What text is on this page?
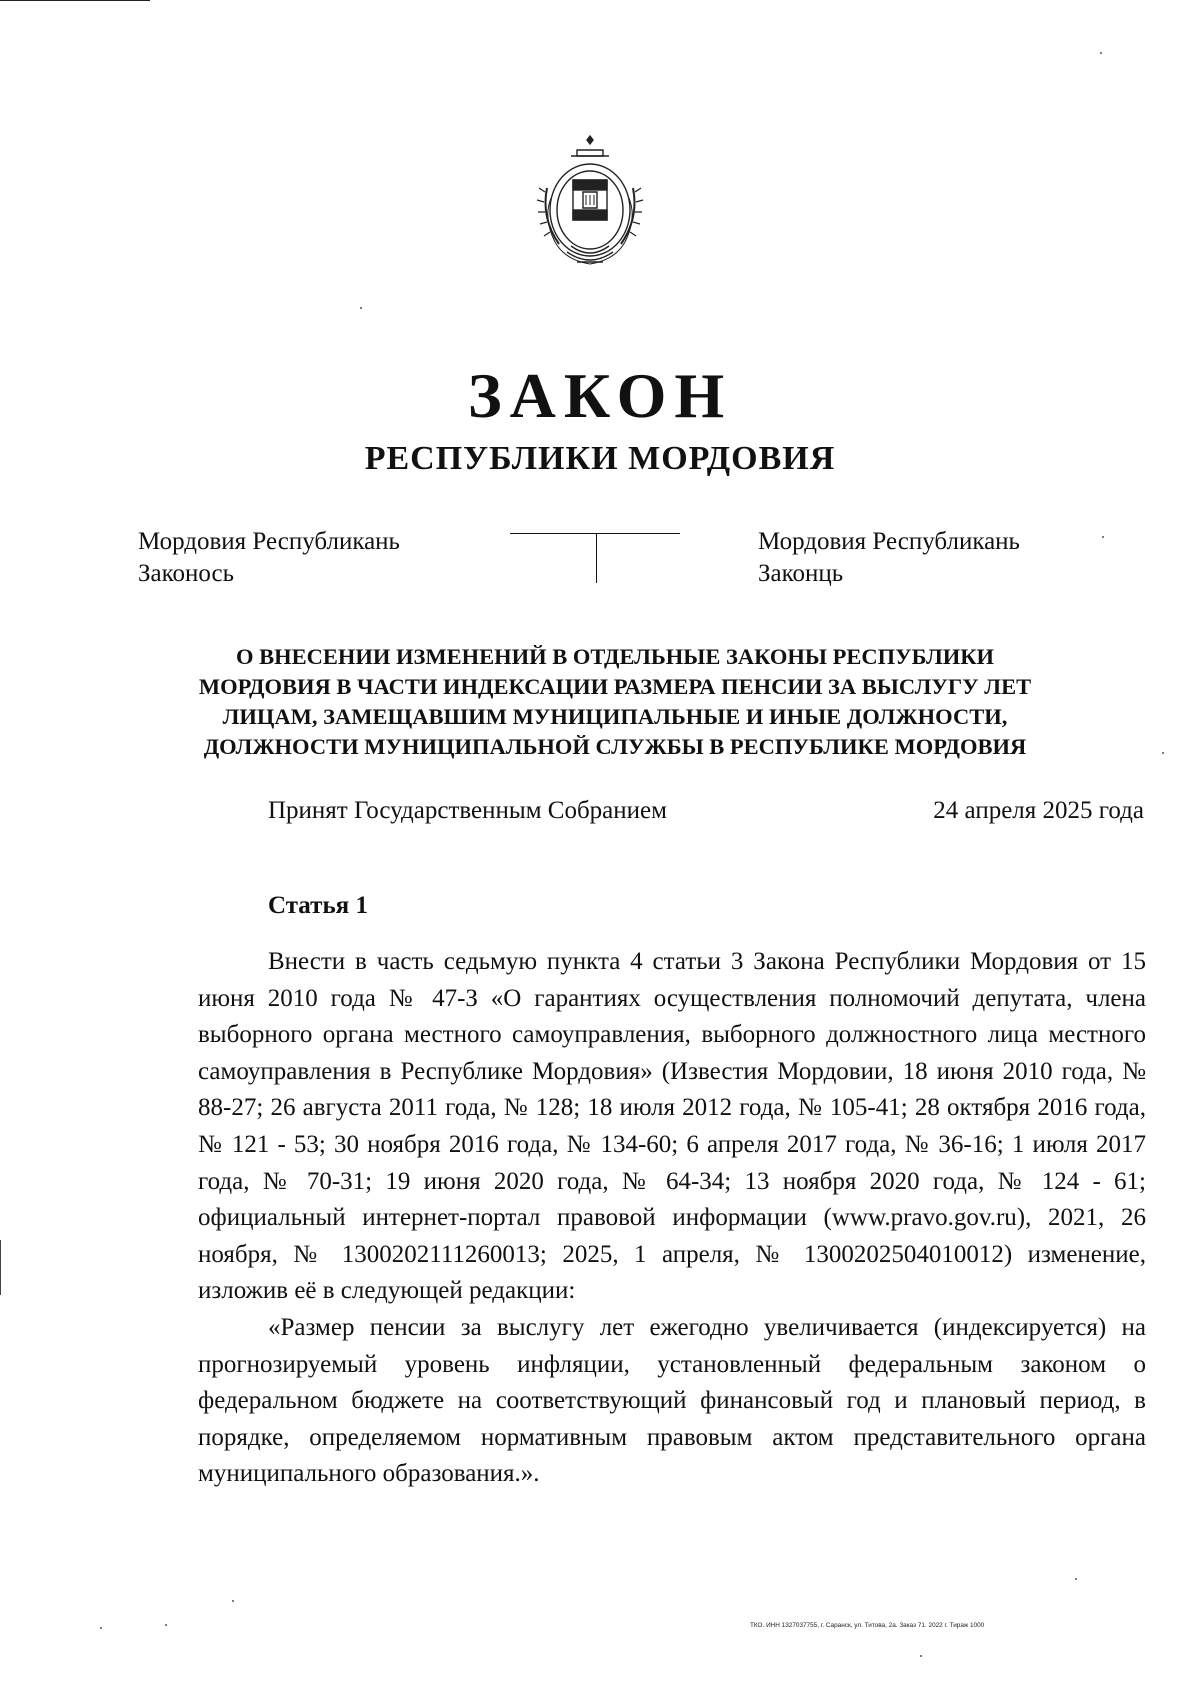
ЗАКОН
РЕСПУБЛИКИ МОРДОВИЯ
Мордовия Республикань
Законось
Мордовия Республикань
Законць
О ВНЕСЕНИИ ИЗМЕНЕНИЙ В ОТДЕЛЬНЫЕ ЗАКОНЫ РЕСПУБЛИКИ
МОРДОВИЯ В ЧАСТИ ИНДЕКСАЦИИ РАЗМЕРА ПЕНСИИ ЗА ВЫСЛУГУ ЛЕТ
ЛИЦАМ, ЗАМЕЩАВШИМ МУНИЦИПАЛЬНЫЕ И ИНЫЕ ДОЛЖНОСТИ,
ДОЛЖНОСТИ МУНИЦИПАЛЬНОЙ СЛУЖБЫ В РЕСПУБЛИКЕ МОРДОВИЯ
Принят Государственным Собранием	24 апреля 2025 года
Статья 1

Внести в часть седьмую пункта 4 статьи 3 Закона Республики Мордовия от 15 июня 2010 года № 47-З «О гарантиях осуществления полномочий депутата, члена выборного органа местного самоуправления, выборного должностного лица местного самоуправления в Республике Мордовия» (Известия Мордовии, 18 июня 2010 года, № 88-27; 26 августа 2011 года, № 128; 18 июля 2012 года, № 105-41; 28 октября 2016 года, № 121 - 53; 30 ноября 2016 года, № 134-60; 6 апреля 2017 года, № 36-16; 1 июля 2017 года, № 70-31; 19 июня 2020 года, № 64-34; 13 ноября 2020 года, № 124 - 61; официальный интернет-портал правовой информации (www.pravo.gov.ru), 2021, 26 ноября, № 1300202111260013; 2025, 1 апреля, № 1300202504010012) изменение, изложив её в следующей редакции:

«Размер пенсии за выслугу лет ежегодно увеличивается (индексируется) на прогнозируемый уровень инфляции, установленный федеральным законом о федеральном бюджете на соответствующий финансовый год и плановый период, в порядке, определяемом нормативным правовым актом представительного органа муниципального образования.».

ТКО. ИНН 1327037755, г. Саранск, ул. Титова, 2а. Заказ 71. 2022 г. Тираж 1000
